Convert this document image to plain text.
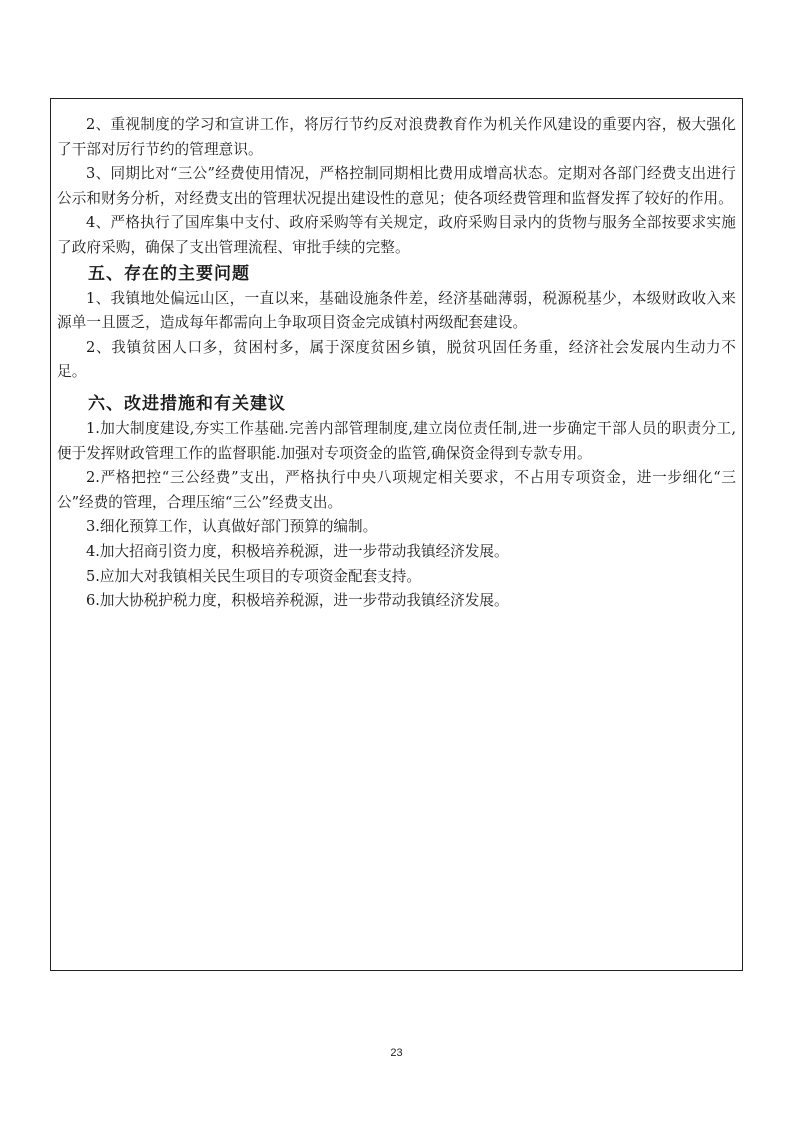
2、重视制度的学习和宣讲工作，将厉行节约反对浪费教育作为机关作风建设的重要内容，极大强化了干部对厉行节约的管理意识。

3、同期比对“三公”经费使用情况，严格控制同期相比费用成增高状态。定期对各部门经费支出进行公示和财务分析，对经费支出的管理状况提出建设性的意见；使各项经费管理和监督发挥了较好的作用。

4、严格执行了国库集中支付、政府采购等有关规定，政府采购目录内的货物与服务全部按要求实施了政府采购，确保了支出管理流程、审批手续的完整。

五、存在的主要问题

1、我镇地处偏远山区，一直以来，基础设施条件差，经济基础薄弱，税源税基少，本级财政收入来源单一且匮乏，造成每年都需向上争取项目资金完成镇村两级配套建设。

2、我镇贫困人口多，贫困村多，属于深度贫困乡镇，脱贫巩固任务重，经济社会发展内生动力不足。

六、改进措施和有关建议

1.加大制度建设,夯实工作基础.完善内部管理制度,建立岗位责任制,进一步确定干部人员的职责分工,便于发挥财政管理工作的监督职能.加强对专项资金的监管,确保资金得到专款专用。

2.严格把控“三公经费”支出，严格执行中央八项规定相关要求，不占用专项资金，进一步细化“三公”经费的管理，合理压缩“三公”经费支出。

3.细化预算工作，认真做好部门预算的编制。

4.加大招商引资力度，积极培养税源，进一步带动我镇经济发展。

5.应加大对我镇相关民生项目的专项资金配套支持。

6.加大协税护税力度，积极培养税源，进一步带动我镇经济发展。

23
